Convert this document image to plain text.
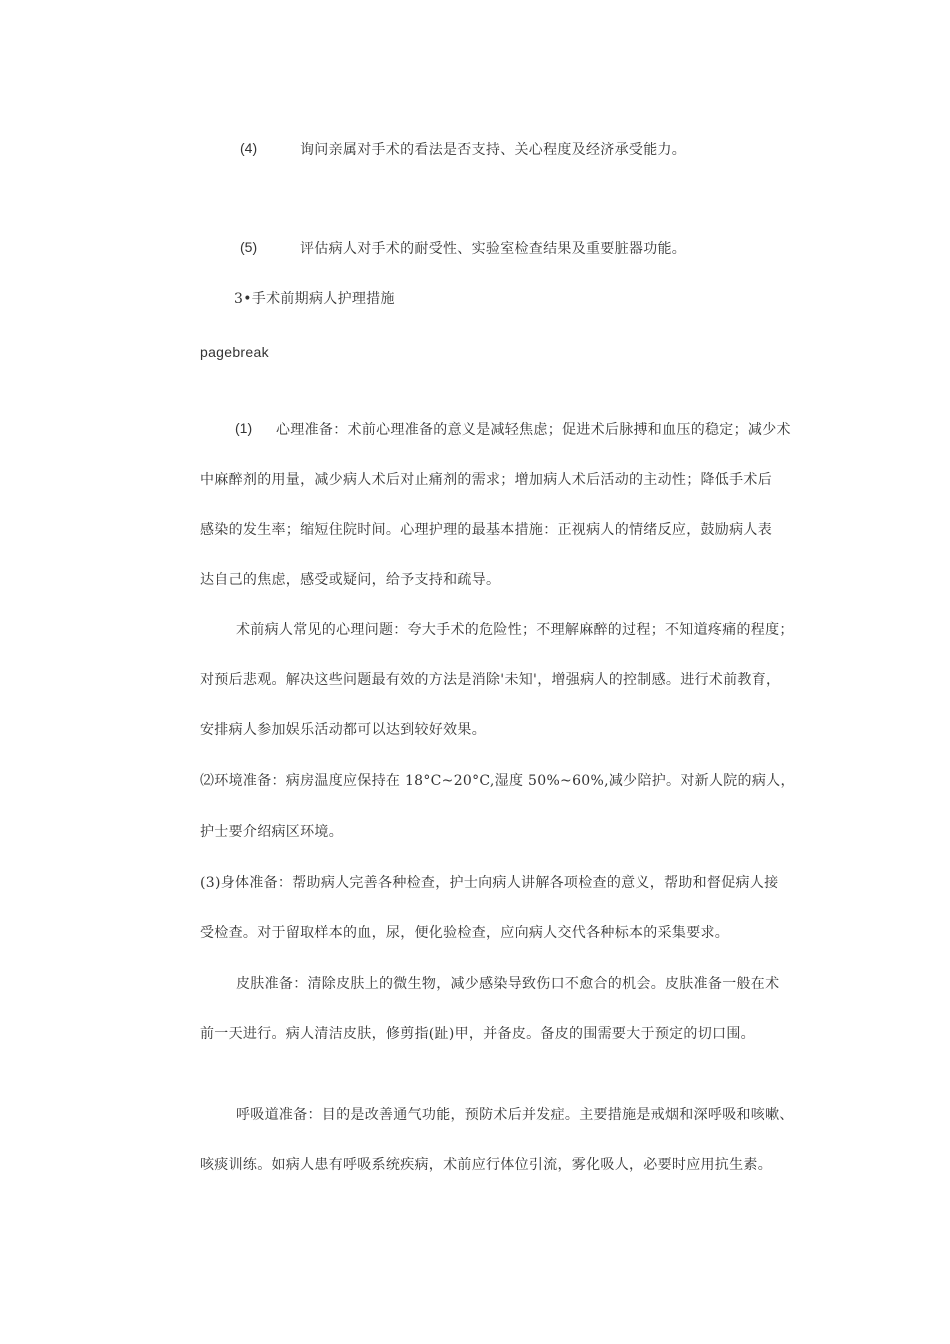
(4)	询问亲属对手术的看法是否支持、关心程度及经济承受能力。
(5)	评估病人对手术的耐受性、实验室检查结果及重要脏器功能。
3•手术前期病人护理措施
pagebreak
(1) 心理准备：术前心理准备的意义是减轻焦虑；促进术后脉搏和血压的稳定；减少术
中麻醉剂的用量，减少病人术后对止痛剂的需求；增加病人术后活动的主动性；降低手术后
感染的发生率；缩短住院时间。心理护理的最基本措施：正视病人的情绪反应，鼓励病人表
达自己的焦虑，感受或疑问，给予支持和疏导。
术前病人常见的心理问题：夸大手术的危险性；不理解麻醉的过程；不知道疼痛的程度；
对预后悲观。解决这些问题最有效的方法是消除'未知'，增强病人的控制感。进行术前教育，
安排病人参加娱乐活动都可以达到较好效果。
⑵环境准备：病房温度应保持在 18°C~20°C,湿度 50%~60%,减少陪护。对新人院的病人，
护士要介绍病区环境。
(3)身体准备：帮助病人完善各种检查，护士向病人讲解各项检查的意义，帮助和督促病人接
受检查。对于留取样本的血，尿，便化验检查，应向病人交代各种标本的采集要求。
皮肤准备：清除皮肤上的微生物，减少感染导致伤口不愈合的机会。皮肤准备一般在术
前一天进行。病人清洁皮肤，修剪指(趾)甲，并备皮。备皮的围需要大于预定的切口围。
呼吸道准备：目的是改善通气功能，预防术后并发症。主要措施是戒烟和深呼吸和咳嗽、
咳痰训练。如病人患有呼吸系统疾病，术前应行体位引流，雾化吸人，必要时应用抗生素。
